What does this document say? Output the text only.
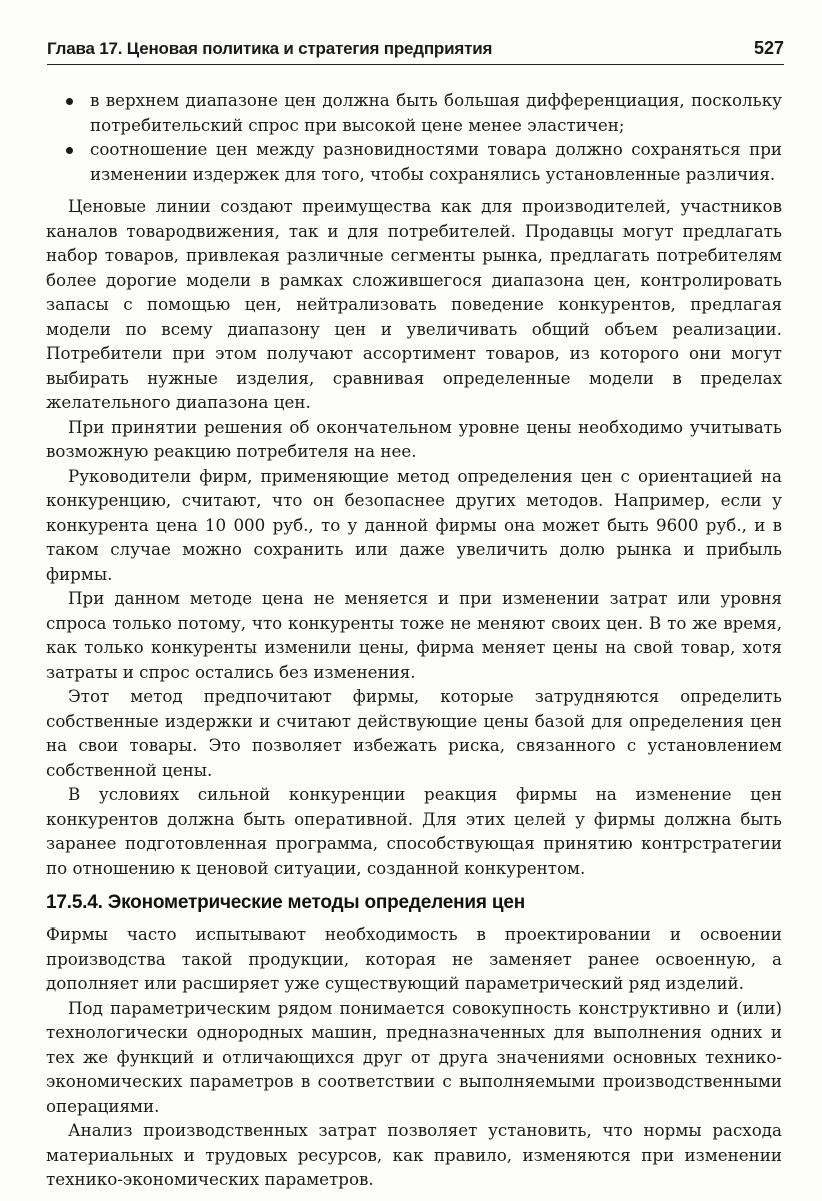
Глава 17. Ценовая политика и стратегия предприятия	527
в верхнем диапазоне цен должна быть большая дифференциация, поскольку потребительский спрос при высокой цене менее эластичен;
соотношение цен между разновидностями товара должно сохраняться при изменении издержек для того, чтобы сохранялись установленные различия.

Ценовые линии создают преимущества как для производителей, участников каналов товародвижения, так и для потребителей. Продавцы могут предлагать набор товаров, привлекая различные сегменты рынка, предлагать потребителям более дорогие модели в рамках сложившегося диапазона цен, контролировать запасы с помощью цен, нейтрализовать поведение конкурентов, предлагая модели по всему диапазону цен и увеличивать общий объем реализации. Потребители при этом получают ассортимент товаров, из которого они могут выбирать нужные изделия, сравнивая определенные модели в пределах желательного диапазона цен.

При принятии решения об окончательном уровне цены необходимо учитывать возможную реакцию потребителя на нее.

Руководители фирм, применяющие метод определения цен с ориентацией на конкуренцию, считают, что он безопаснее других методов. Например, если у конкурента цена 10 000 руб., то у данной фирмы она может быть 9600 руб., и в таком случае можно сохранить или даже увеличить долю рынка и прибыль фирмы.

При данном методе цена не меняется и при изменении затрат или уровня спроса только потому, что конкуренты тоже не меняют своих цен. В то же время, как только конкуренты изменили цены, фирма меняет цены на свой товар, хотя затраты и спрос остались без изменения.

Этот метод предпочитают фирмы, которые затрудняются определить собственные издержки и считают действующие цены базой для определения цен на свои товары. Это позволяет избежать риска, связанного с установлением собственной цены.

В условиях сильной конкуренции реакция фирмы на изменение цен конкурентов должна быть оперативной. Для этих целей у фирмы должна быть заранее подготовленная программа, способствующая принятию контрстратегии по отношению к ценовой ситуации, созданной конкурентом.

17.5.4. Эконометрические методы определения цен

Фирмы часто испытывают необходимость в проектировании и освоении производства такой продукции, которая не заменяет ранее освоенную, а дополняет или расширяет уже существующий параметрический ряд изделий.

Под параметрическим рядом понимается совокупность конструктивно и (или) технологически однородных машин, предназначенных для выполнения одних и тех же функций и отличающихся друг от друга значениями основных технико-экономических параметров в соответствии с выполняемыми производственными операциями.

Анализ производственных затрат позволяет установить, что нормы расхода материальных и трудовых ресурсов, как правило, изменяются при изменении технико-экономических параметров.
